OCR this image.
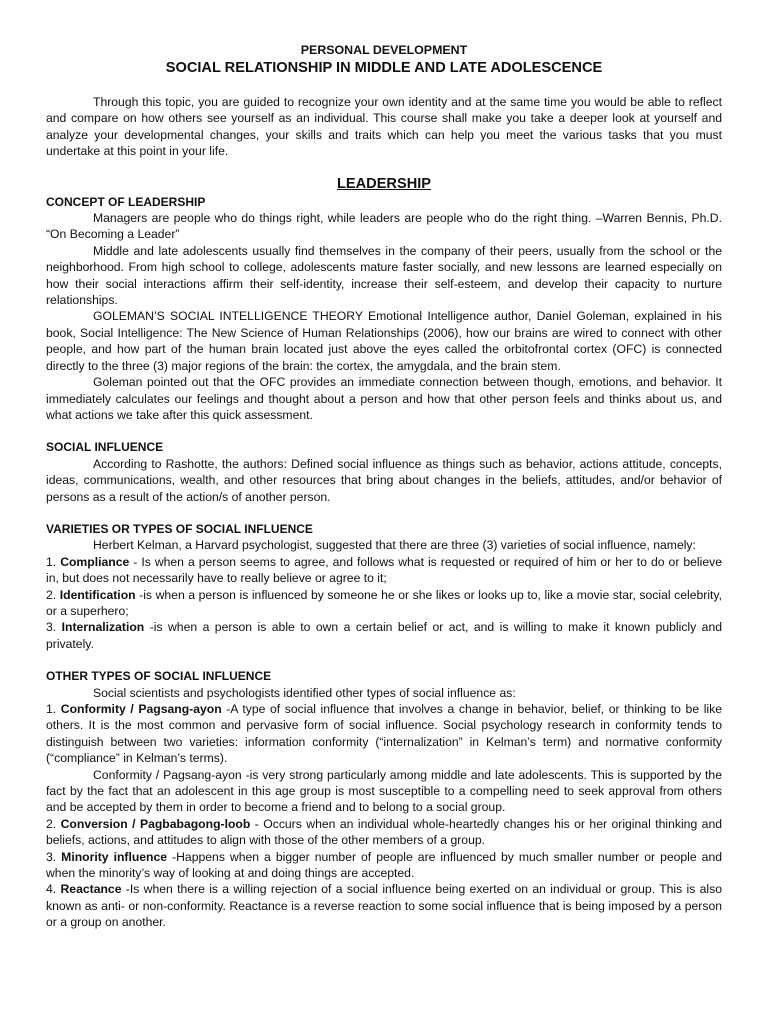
PERSONAL DEVELOPMENT
SOCIAL RELATIONSHIP IN MIDDLE AND LATE ADOLESCENCE

Through this topic, you are guided to recognize your own identity and at the same time you would be able to reflect and compare on how others see yourself as an individual. This course shall make you take a deeper look at yourself and analyze your developmental changes, your skills and traits which can help you meet the various tasks that you must undertake at this point in your life.

LEADERSHIP

CONCEPT OF LEADERSHIP

Managers are people who do things right, while leaders are people who do the right thing. –Warren Bennis, Ph.D. “On Becoming a Leader”

Middle and late adolescents usually find themselves in the company of their peers, usually from the school or the neighborhood. From high school to college, adolescents mature faster socially, and new lessons are learned especially on how their social interactions affirm their self-identity, increase their self-esteem, and develop their capacity to nurture relationships.

GOLEMAN’S SOCIAL INTELLIGENCE THEORY Emotional Intelligence author, Daniel Goleman, explained in his book, Social Intelligence: The New Science of Human Relationships (2006), how our brains are wired to connect with other people, and how part of the human brain located just above the eyes called the orbitofrontal cortex (OFC) is connected directly to the three (3) major regions of the brain: the cortex, the amygdala, and the brain stem.

Goleman pointed out that the OFC provides an immediate connection between though, emotions, and behavior. It immediately calculates our feelings and thought about a person and how that other person feels and thinks about us, and what actions we take after this quick assessment.

SOCIAL INFLUENCE

According to Rashotte, the authors: Defined social influence as things such as behavior, actions attitude, concepts, ideas, communications, wealth, and other resources that bring about changes in the beliefs, attitudes, and/or behavior of persons as a result of the action/s of another person.

VARIETIES OR TYPES OF SOCIAL INFLUENCE

Herbert Kelman, a Harvard psychologist, suggested that there are three (3) varieties of social influence, namely:

1. Compliance - Is when a person seems to agree, and follows what is requested or required of him or her to do or believe in, but does not necessarily have to really believe or agree to it;

2. Identification -is when a person is influenced by someone he or she likes or looks up to, like a movie star, social celebrity, or a superhero;

3. Internalization -is when a person is able to own a certain belief or act, and is willing to make it known publicly and privately.

OTHER TYPES OF SOCIAL INFLUENCE

Social scientists and psychologists identified other types of social influence as:

1. Conformity / Pagsang-ayon -A type of social influence that involves a change in behavior, belief, or thinking to be like others. It is the most common and pervasive form of social influence. Social psychology research in conformity tends to distinguish between two varieties: information conformity (“internalization” in Kelman’s term) and normative conformity (“compliance” in Kelman’s terms).

Conformity / Pagsang-ayon -is very strong particularly among middle and late adolescents. This is supported by the fact by the fact that an adolescent in this age group is most susceptible to a compelling need to seek approval from others and be accepted by them in order to become a friend and to belong to a social group.

2. Conversion / Pagbabagong-loob - Occurs when an individual whole-heartedly changes his or her original thinking and beliefs, actions, and attitudes to align with those of the other members of a group.

3. Minority influence -Happens when a bigger number of people are influenced by much smaller number or people and when the minority’s way of looking at and doing things are accepted.

4. Reactance -Is when there is a willing rejection of a social influence being exerted on an individual or group. This is also known as anti- or non-conformity. Reactance is a reverse reaction to some social influence that is being imposed by a person or a group on another.
